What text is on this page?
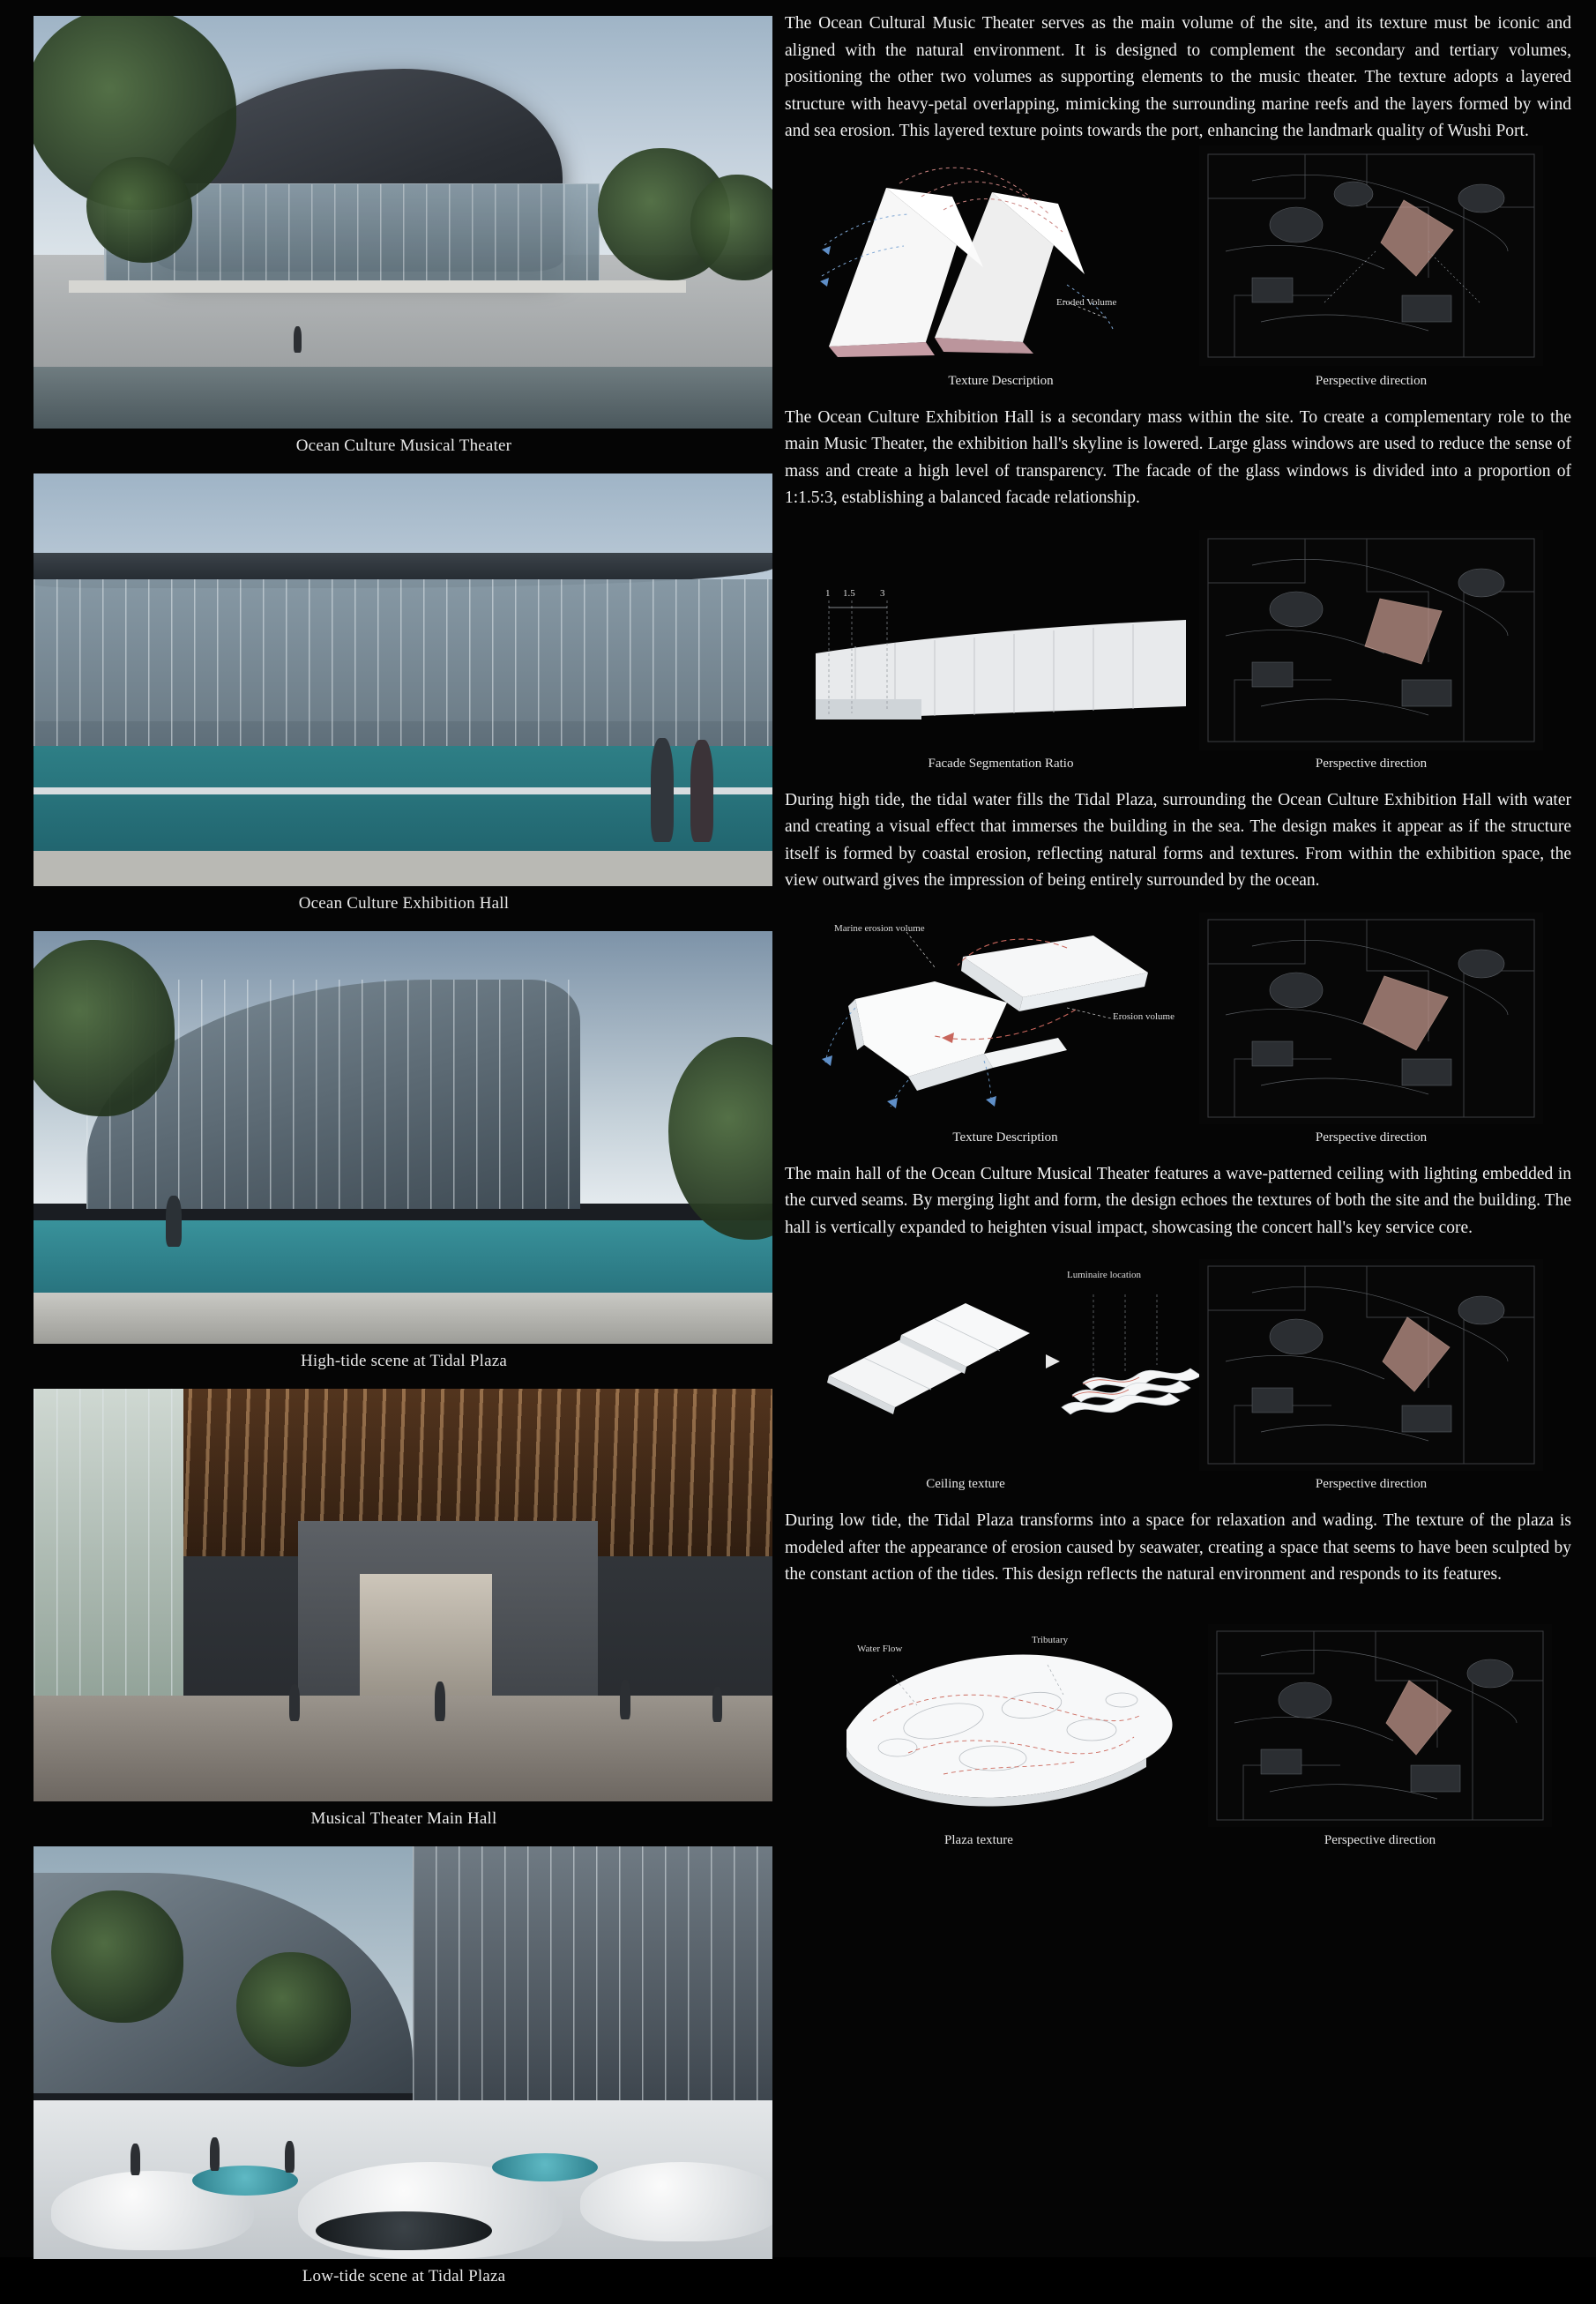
Ocean Culture Musical Theater
Ocean Culture Exhibition Hall
High-tide scene at Tidal Plaza
Musical Theater Main Hall
Low-tide scene at Tidal Plaza
The Ocean Cultural Music Theater serves as the main volume of the site, and its texture must be iconic and aligned with the natural environment. It is designed to complement the secondary and tertiary volumes, positioning the other two volumes as supporting elements to the music theater. The texture adopts a layered structure with heavy-petal overlapping, mimicking the surrounding marine reefs and the layers formed by wind and sea erosion. This layered texture points towards the port, enhancing the landmark quality of Wushi Port.
Eroded Volume
Texture Description	Perspective direction
The Ocean Culture Exhibition Hall is a secondary mass within the site. To create a complementary role to the main Music Theater, the exhibition hall's skyline is lowered. Large glass windows are used to reduce the sense of mass and create a high level of transparency. The facade of the glass windows is divided into a proportion of 1:1.5:3, establishing a balanced facade relationship.
1 1.5	3
Facade Segmentation Ratio	Perspective direction
During high tide, the tidal water fills the Tidal Plaza, surrounding the Ocean Culture Exhibition Hall with water and creating a visual effect that immerses the building in the sea. The design makes it appear as if the structure itself is formed by coastal erosion, reflecting natural forms and textures. From within the exhibition space, the view outward gives the impression of being entirely surrounded by the ocean.
Marine erosion volume
Erosion volume
Texture Description	Perspective direction
The main hall of the Ocean Culture Musical Theater features a wave-patterned ceiling with lighting embedded in the curved seams. By merging light and form, the design echoes the textures of both the site and the building. The hall is vertically expanded to heighten visual impact, showcasing the concert hall's key service core.
Luminaire location
Ceiling texture	Perspective direction
During low tide, the Tidal Plaza transforms into a space for relaxation and wading. The texture of the plaza is modeled after the appearance of erosion caused by seawater, creating a space that seems to have been sculpted by the constant action of the tides. This design reflects the natural environment and responds to its features.
Water Flow
Tributary
Plaza texture	Perspective direction
